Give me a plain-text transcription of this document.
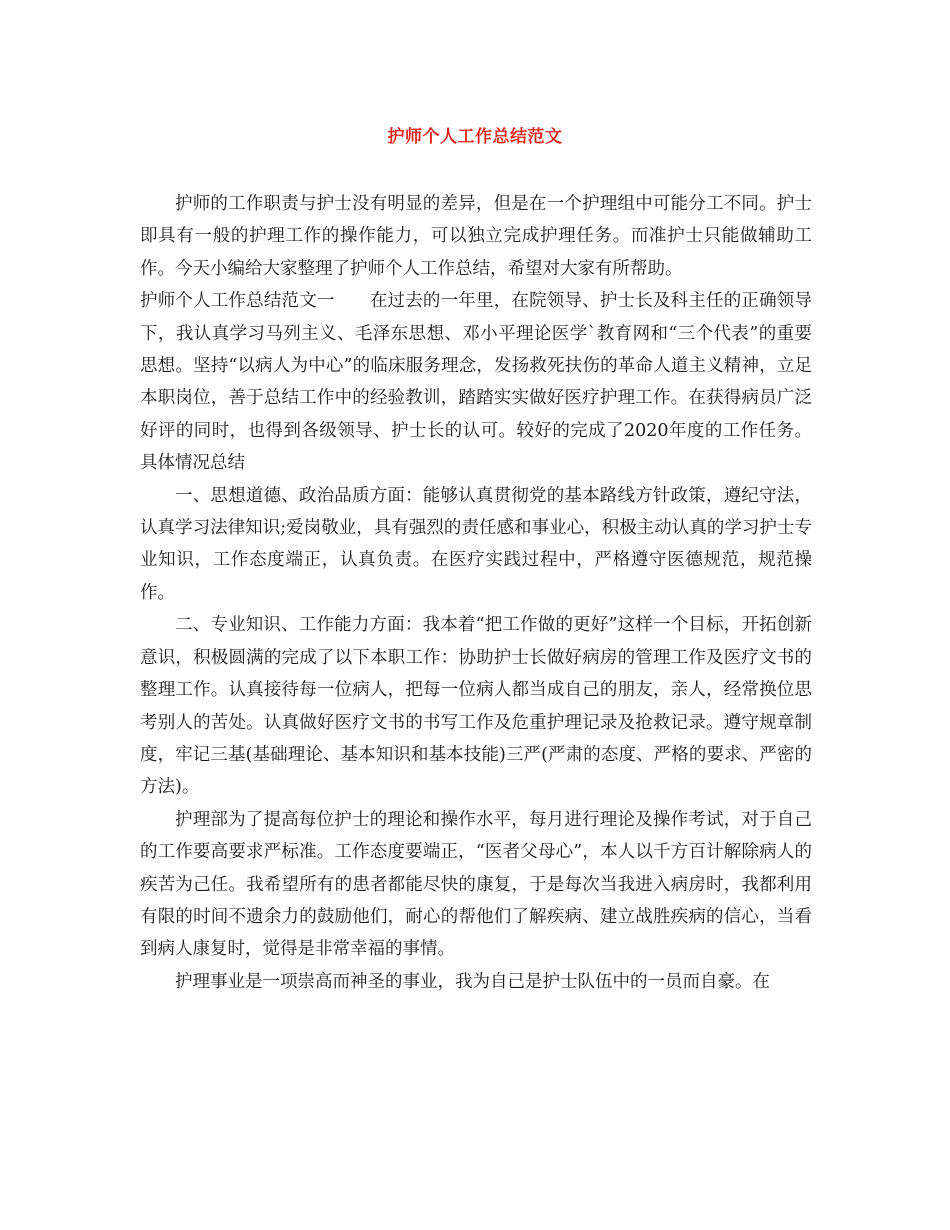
护师个人工作总结范文

护师的工作职责与护士没有明显的差异，但是在一个护理组中可能分工不同。护士即具有一般的护理工作的操作能力，可以独立完成护理任务。而准护士只能做辅助工作。今天小编给大家整理了护师个人工作总结，希望对大家有所帮助。

护师个人工作总结范文一 在过去的一年里，在院领导、护士长及科主任的正确领导下，我认真学习马列主义、毛泽东思想、邓小平理论医学`教育网和“三个代表”的重要思想。坚持“以病人为中心”的临床服务理念，发扬救死扶伤的革命人道主义精神，立足本职岗位，善于总结工作中的经验教训，踏踏实实做好医疗护理工作。在获得病员广泛好评的同时，也得到各级领导、护士长的认可。较好的完成了2020年度的工作任务。具体情况总结

一、思想道德、政治品质方面：能够认真贯彻党的基本路线方针政策，遵纪守法，认真学习法律知识;爱岗敬业，具有强烈的责任感和事业心，积极主动认真的学习护士专业知识，工作态度端正，认真负责。在医疗实践过程中，严格遵守医德规范，规范操作。

二、专业知识、工作能力方面：我本着“把工作做的更好”这样一个目标，开拓创新意识，积极圆满的完成了以下本职工作：协助护士长做好病房的管理工作及医疗文书的整理工作。认真接待每一位病人，把每一位病人都当成自己的朋友，亲人，经常换位思考别人的苦处。认真做好医疗文书的书写工作及危重护理记录及抢救记录。遵守规章制度，牢记三基(基础理论、基本知识和基本技能)三严(严肃的态度、严格的要求、严密的方法)。

护理部为了提高每位护士的理论和操作水平，每月进行理论及操作考试，对于自己的工作要高要求严标准。工作态度要端正，“医者父母心”，本人以千方百计解除病人的疾苦为己任。我希望所有的患者都能尽快的康复，于是每次当我进入病房时，我都利用有限的时间不遗余力的鼓励他们，耐心的帮他们了解疾病、建立战胜疾病的信心，当看到病人康复时，觉得是非常幸福的事情。

护理事业是一项崇高而神圣的事业，我为自己是护士队伍中的一员而自豪。在
